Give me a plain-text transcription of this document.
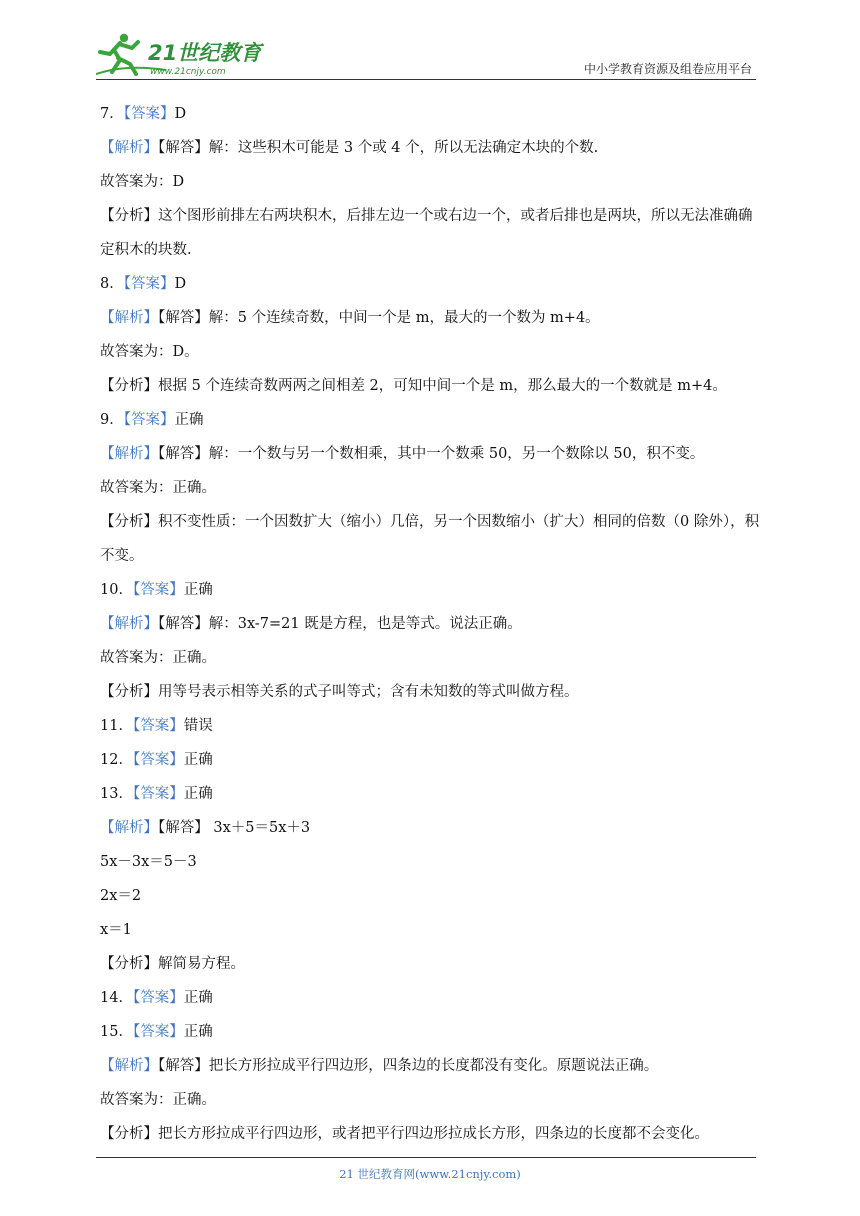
21世纪教育
www.21cnjy.com	中小学教育资源及组卷应用平台
7．【答案】D
【解析】【解答】解：这些积木可能是 3 个或 4 个，所以无法确定木块的个数.
故答案为：D
【分析】这个图形前排左右两块积木，后排左边一个或右边一个，或者后排也是两块，所以无法准确确定积木的块数.
8．【答案】D
【解析】【解答】解：5 个连续奇数，中间一个是 m，最大的一个数为 m+4。
故答案为：D。
【分析】根据 5 个连续奇数两两之间相差 2，可知中间一个是 m，那么最大的一个数就是 m+4。
9．【答案】正确
【解析】【解答】解：一个数与另一个数相乘，其中一个数乘 50，另一个数除以 50，积不变。
故答案为：正确。
【分析】积不变性质：一个因数扩大（缩小）几倍，另一个因数缩小（扩大）相同的倍数（0 除外），积不变。
10．【答案】正确
【解析】【解答】解：3x-7=21 既是方程，也是等式。说法正确。
故答案为：正确。
【分析】用等号表示相等关系的式子叫等式；含有未知数的等式叫做方程。
11．【答案】错误
12．【答案】正确
13．【答案】正确
【解析】【解答】 3x＋5＝5x＋3
5x－3x＝5－3
2x＝2
x＝1
【分析】解简易方程。
14．【答案】正确
15．【答案】正确
【解析】【解答】把长方形拉成平行四边形，四条边的长度都没有变化。原题说法正确。
故答案为：正确。
【分析】把长方形拉成平行四边形，或者把平行四边形拉成长方形，四条边的长度都不会变化。
21 世纪教育网(www.21cnjy.com)
